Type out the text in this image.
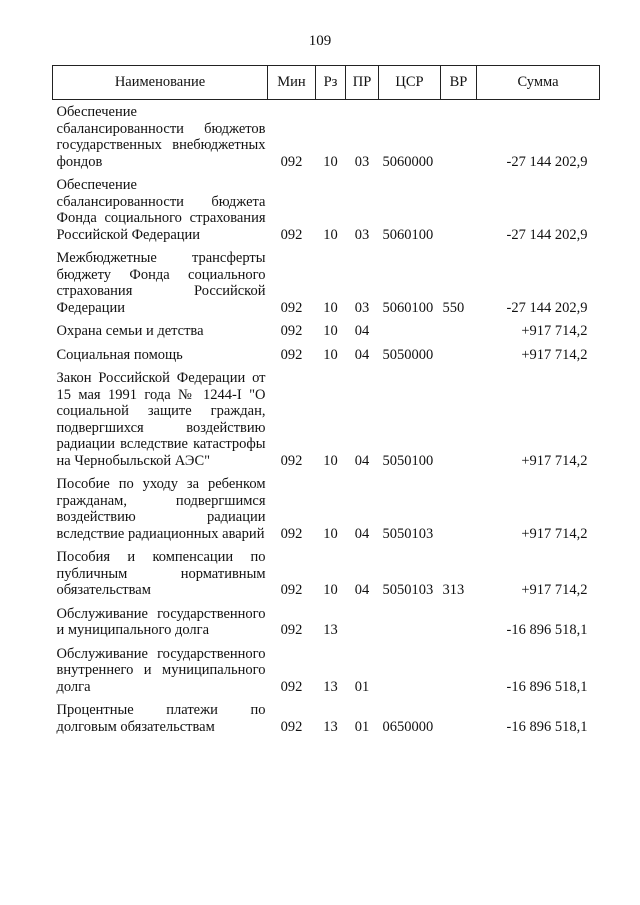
109
Наименование	Мин	Рз	ПР	ЦСР	ВР	Сумма
Обеспечение сбалансированности бюджетов государственных внебюджетных фондов	092	10	03	5060000		-27 144 202,9
Обеспечение сбалансированности бюджета Фонда социального страхования Российской Федерации	092	10	03	5060100		-27 144 202,9
Межбюджетные трансферты бюджету Фонда социального страхования Российской Федерации	092	10	03	5060100	550	-27 144 202,9
Охрана семьи и детства	092	10	04			+917 714,2
Социальная помощь	092	10	04	5050000		+917 714,2
Закон Российской Федерации от 15 мая 1991 года № 1244-I "О социальной защите граждан, подвергшихся воздействию радиации вследствие катастрофы на Чернобыльской АЭС"	092	10	04	5050100		+917 714,2
Пособие по уходу за ребенком гражданам, подвергшимся воздействию радиации вследствие радиационных аварий	092	10	04	5050103		+917 714,2
Пособия и компенсации по публичным нормативным обязательствам	092	10	04	5050103	313	+917 714,2
Обслуживание государственного и муниципального долга	092	13				-16 896 518,1
Обслуживание государственного внутреннего и муниципального долга	092	13	01			-16 896 518,1
Процентные платежи по долговым обязательствам	092	13	01	0650000		-16 896 518,1
